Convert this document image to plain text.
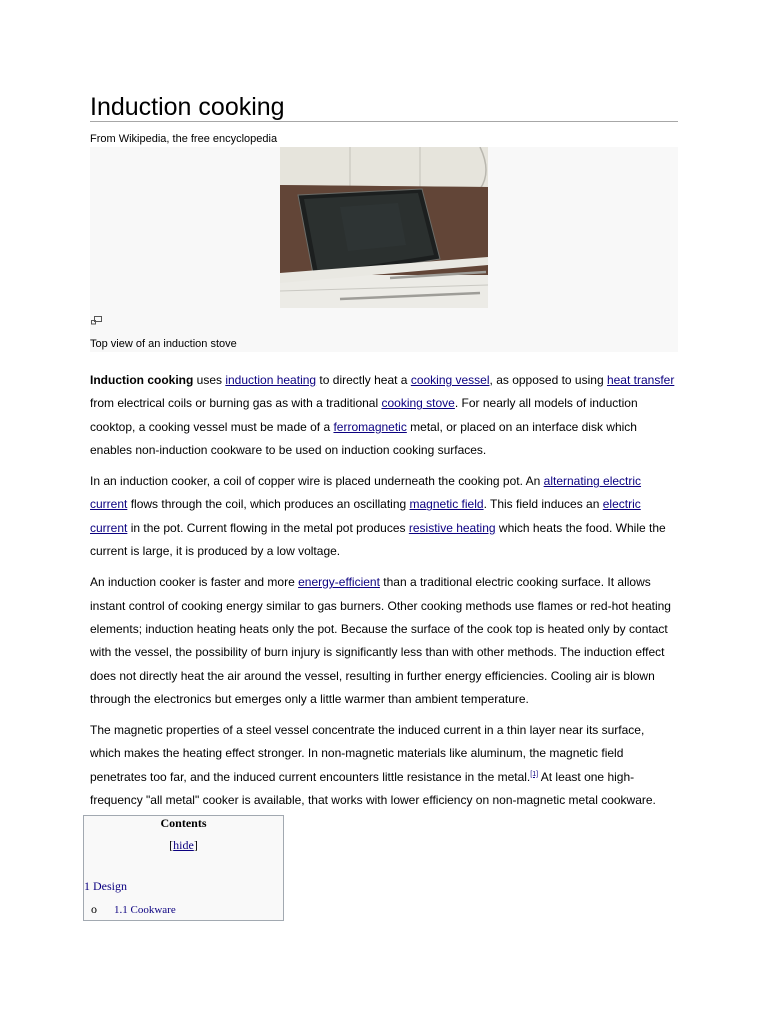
Induction cooking
From Wikipedia, the free encyclopedia
Top view of an induction stove

Induction cooking uses induction heating to directly heat a cooking vessel, as opposed to using heat transfer from electrical coils or burning gas as with a traditional cooking stove. For nearly all models of induction cooktop, a cooking vessel must be made of a ferromagnetic metal, or placed on an interface disk which enables non-induction cookware to be used on induction cooking surfaces.

In an induction cooker, a coil of copper wire is placed underneath the cooking pot. An alternating electric current flows through the coil, which produces an oscillating magnetic field. This field induces an electric current in the pot. Current flowing in the metal pot produces resistive heating which heats the food. While the current is large, it is produced by a low voltage.

An induction cooker is faster and more energy-efficient than a traditional electric cooking surface. It allows instant control of cooking energy similar to gas burners. Other cooking methods use flames or red-hot heating elements; induction heating heats only the pot. Because the surface of the cook top is heated only by contact with the vessel, the possibility of burn injury is significantly less than with other methods. The induction effect does not directly heat the air around the vessel, resulting in further energy efficiencies. Cooling air is blown through the electronics but emerges only a little warmer than ambient temperature.

The magnetic properties of a steel vessel concentrate the induced current in a thin layer near its surface, which makes the heating effect stronger. In non-magnetic materials like aluminum, the magnetic field penetrates too far, and the induced current encounters little resistance in the metal.[1] At least one high-frequency "all metal" cooker is available, that works with lower efficiency on non-magnetic metal cookware.

Contents
[hide]
1 Design
o 1.1 Cookware
